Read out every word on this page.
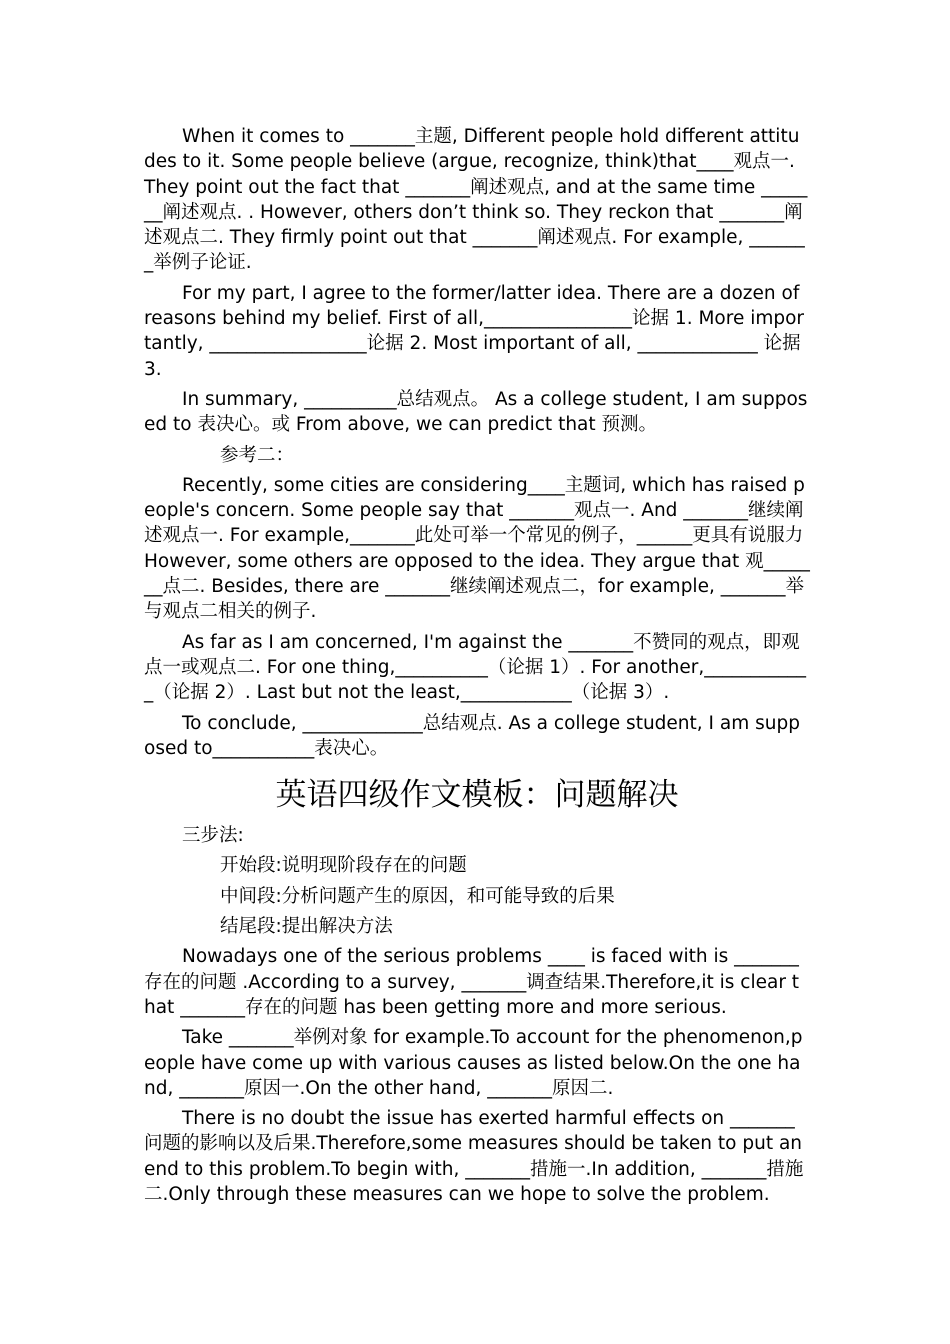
When it comes to _______主题, Different people hold different attitudes to it. Some people believe (argue, recognize, think)that____观点一. They point out the fact that _______阐述观点, and at the same time _______阐述观点. . However, others don’t think so. They reckon that _______阐述观点二. They firmly point out that _______阐述观点. For example, _______举例子论证.

For my part, I agree to the former/latter idea. There are a dozen of reasons behind my belief. First of all,________________论据 1. More importantly, _________________论据 2. Most important of all, _____________ 论据 3.

In summary, __________总结观点。 As a college student, I am supposed to 表决心。或 From above, we can predict that 预测。

参考二：

Recently, some cities are considering____主题词, which has raised people's concern. Some people say that _______观点一. And _______继续阐述观点一. For example,_______此处可举一个常见的例子，______更具有说服力 However, some others are opposed to the idea. They argue that 观_______点二. Besides, there are _______继续阐述观点二，for example, _______举与观点二相关的例子.

As far as I am concerned, I'm against the _______不赞同的观点，即观点一或观点二. For one thing,__________（论据 1）. For another,____________（论据 2）. Last but not the least,____________（论据 3）.

To conclude, _____________总结观点. As a college student, I am supposed to___________表决心。

英语四级作文模板：问题解决
三步法:
开始段:说明现阶段存在的问题
中间段:分析问题产生的原因，和可能导致的后果
结尾段:提出解决方法

Nowadays one of the serious problems ____ is faced with is _______存在的问题 .According to a survey, _______调查结果.Therefore,it is clear that _______存在的问题 has been getting more and more serious.

Take _______举例对象 for example.To account for the phenomenon,people have come up with various causes as listed below.On the one hand, _______原因一.On the other hand, _______原因二.

There is no doubt the issue has exerted harmful effects on _______问题的影响以及后果.Therefore,some measures should be taken to put an end to this problem.To begin with, _______措施一.In addition, _______措施二.Only through these measures can we hope to solve the problem.
